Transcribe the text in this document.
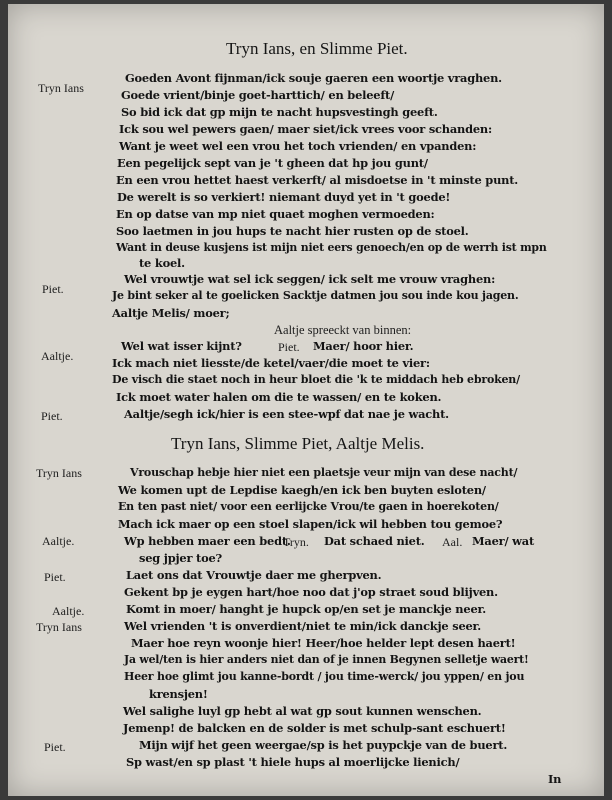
Tryn Ians, en Slimme Piet.
Tryn Ians
Goeden Avont fijnman/ick souje gaeren een woortje vraghen.
Goede vrient/binje goet-harttich/ en beleeft/
So bid ick dat gp mijn te nacht hupsvestingh geeft.
Ick sou wel pewers gaen/ maer siet/ick vrees voor schanden:
Want je weet wel een vrou het toch vrienden/ en vpanden:
Een pegelijck sept van je 't gheen dat hp jou gunt/
En een vrou hettet haest verkerft/ al misdoetse in 't minste punt.
De werelt is so verkiert! niemant duyd yet in 't goede!
En op datse van mp niet quaet moghen vermoeden:
Soo laetmen in jou hups te nacht hier rusten op de stoel.
Want in deuse kusjens ist mijn niet eers genoech/en op de werrh ist mpn
te koel.
Piet.
Wel vrouwtje wat sel ick seggen/ ick selt me vrouw vraghen:
Je bint seker al te goelicken Sacktje datmen jou sou inde kou jagen.
Aaltje Melis/ moer;
Aaltje spreeckt van binnen:
Wel wat isser kijnt?	Piet. Maer/ hoor hier.
Aaltje.	Ick mach niet liesste/de ketel/vaer/die moet te vier:
De visch die staet noch in heur bloet die 'k te middach heb ebroken/
Ick moet water halen om die te wassen/ en te koken.
Piet.	Aaltje/segh ick/hier is een stee-wpf dat nae je wacht.
Tryn Ians, Slimme Piet, Aaltje Melis.
Tryn Ians	Vrouschap hebje hier niet een plaetsje veur mijn van dese nacht/
We komen upt de Lepdise kaegh/en ick ben buyten esloten/
En ten past niet/ voor een eerlijcke Vrou/te gaen in hoerekoten/
Mach ick maer op een stoel slapen/ick wil hebben tou gemoe?
Aaltje.	Wp hebben maer een bedt.
Tryn. Dat schaed niet. Aal. Maer/ wat
seg jpjer toe?
Piet.	Laet ons dat Vrouwtje daer me gherpven.
Gekent bp je eygen hart/hoe noo dat j'op straet soud blijven.
Aaltje.	Komt in moer/ hanght je hupck op/en set je manckje neer.
Tryn Ians	Wel vrienden 't is onverdient/niet te min/ick danckje seer.
Maer hoe reyn woonje hier! Heer/hoe helder lept desen haert!
Ja wel/ten is hier anders niet dan of je innen Begynen selletje waert!
Heer hoe glimt jou kanne-bordt / jou time-werck/ jou yppen/ en jou
krensjen!
Wel salighe luyl gp hebt al wat gp sout kunnen wenschen.
Jemenp! de balcken en de solder is met schulp-sant eschuert!
Piet.	Mijn wijf het geen weergae/sp is het puypckje van de buert.
Sp wast/en sp plast 't hiele hups al moerlijcke lienich/
In
